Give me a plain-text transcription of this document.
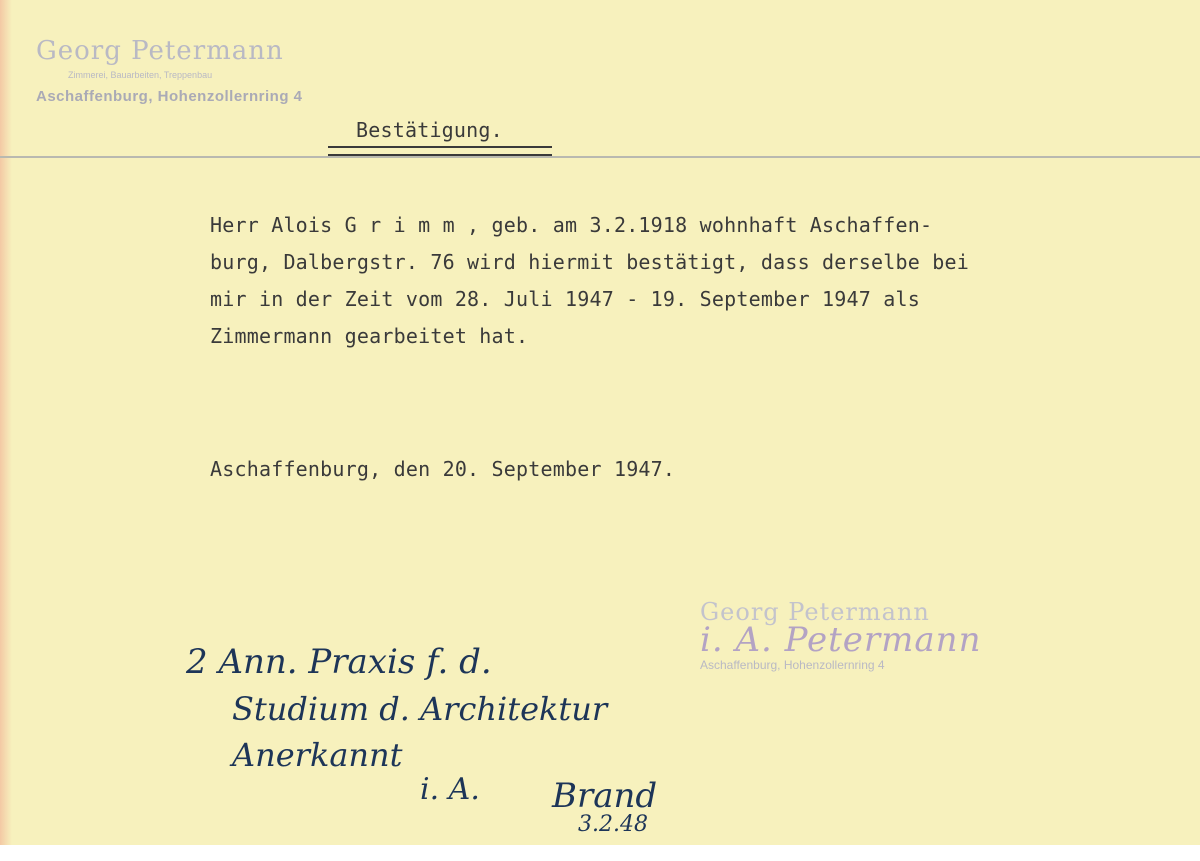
Georg Petermann
Zimmerei, Bauarbeiten, Treppenbau
Aschaffenburg, Hohenzollernring 4
Bestätigung.
Herr Alois G r i m m , geb. am 3.2.1918 wohnhaft Aschaffen-
burg, Dalbergstr. 76 wird hiermit bestätigt, dass derselbe bei
mir in der Zeit vom 28. Juli 1947 - 19. September 1947 als
Zimmermann gearbeitet hat.
Aschaffenburg, den 20. September 1947.
Georg Petermann
i. A. Petermann
Aschaffenburg, Hohenzollernring 4
2 Ann. Praxis f. d.
Studium d. Architektur
Anerkannt
i. A. Brand
3.2.48
